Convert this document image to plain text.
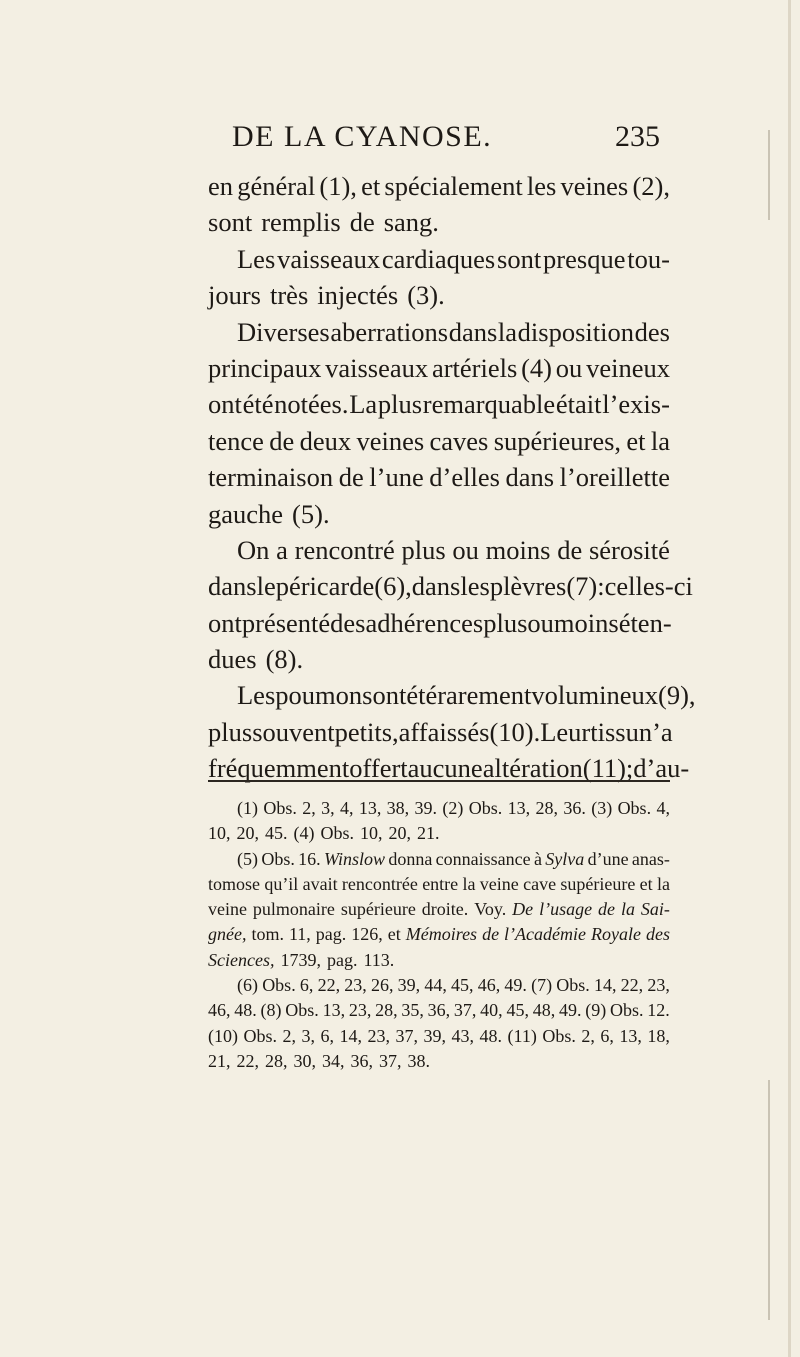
DE LA CYANOSE.	235
en général (1), et spécialement les veines (2),
sont remplis de sang.
Les vaisseaux cardiaques sont presque tou-
jours très injectés (3).
Diverses aberrations dans la disposition des
principaux vaisseaux artériels (4) ou veineux
ont été notées. La plus remarquable était l’exis-
tence de deux veines caves supérieures, et la
terminaison de l’une d’elles dans l’oreillette
gauche (5).
On a rencontré plus ou moins de sérosité
dans le péricarde (6), dans les plèvres (7): celles-ci
ont présenté des adhérences plus ou moins éten-
dues (8).
Les poumons ont été rarement volumineux (9),
plus souvent petits, affaissés (10). Leur tissu n’a
fréquemment offert aucune altération (11); d’au-
(1) Obs. 2, 3, 4, 13, 38, 39. (2) Obs. 13, 28, 36. (3) Obs. 4,
10, 20, 45. (4) Obs. 10, 20, 21.
(5) Obs. 16. Winslow donna connaissance à Sylva d’une anas-
tomose qu’il avait rencontrée entre la veine cave supérieure et la
veine pulmonaire supérieure droite. Voy. De l’usage de la Sai-
gnée, tom. 11, pag. 126, et Mémoires de l’Académie Royale des
Sciences, 1739, pag. 113.
(6) Obs. 6, 22, 23, 26, 39, 44, 45, 46, 49. (7) Obs. 14, 22, 23,
46, 48. (8) Obs. 13, 23, 28, 35, 36, 37, 40, 45, 48, 49. (9) Obs. 12.
(10) Obs. 2, 3, 6, 14, 23, 37, 39, 43, 48. (11) Obs. 2, 6, 13, 18,
21, 22, 28, 30, 34, 36, 37, 38.
